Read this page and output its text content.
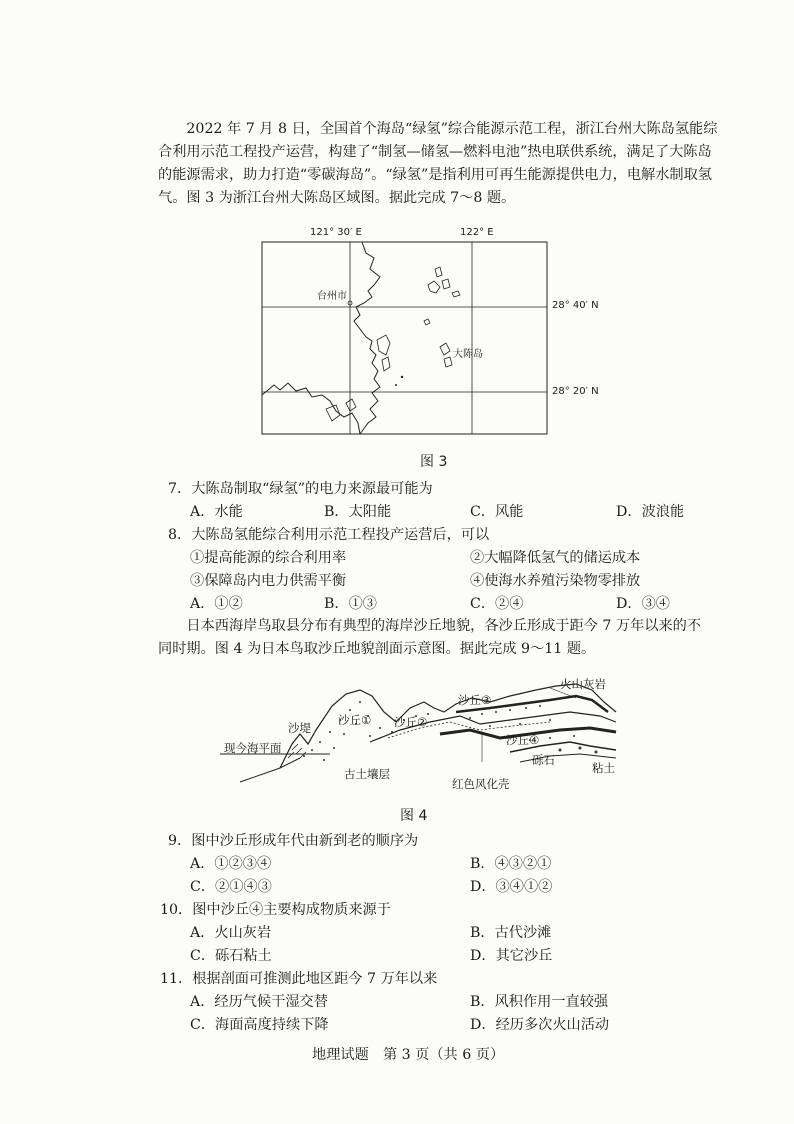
2022 年 7 月 8 日，全国首个海岛“绿氢”综合能源示范工程，浙江台州大陈岛氢能综合利用示范工程投产运营，构建了“制氢—储氢—燃料电池”热电联供系统，满足了大陈岛的能源需求，助力打造“零碳海岛”。“绿氢”是指利用可再生能源提供电力，电解水制取氢气。图 3 为浙江台州大陈岛区域图。据此完成 7～8 题。
121° 30′ E	122° E
28° 40′ N
28° 20′ N
台州市
大陈岛
图 3
7．大陈岛制取“绿氢”的电力来源最可能为
A．水能	B．太阳能	C．风能	D．波浪能
8．大陈岛氢能综合利用示范工程投产运营后，可以
①提高能源的综合利用率	②大幅降低氢气的储运成本
③保障岛内电力供需平衡	④使海水养殖污染物零排放
A．①②	B．①③	C．②④	D．③④
日本西海岸鸟取县分布有典型的海岸沙丘地貌，各沙丘形成于距今 7 万年以来的不同时期。图 4 为日本鸟取沙丘地貌剖面示意图。据此完成 9～11 题。
现今海平面
沙堤
沙丘① 沙丘②
沙丘③
沙丘④
火山灰岩
古土壤层
红色风化壳
砾石
粘土
图 4
9．图中沙丘形成年代由新到老的顺序为
A．①②③④	B．④③②①
C．②①④③	D．③④①②
10．图中沙丘④主要构成物质来源于
A．火山灰岩	B．古代沙滩
C．砾石粘土	D．其它沙丘
11．根据剖面可推测此地区距今 7 万年以来
A．经历气候干湿交替	B．风积作用一直较强
C．海面高度持续下降	D．经历多次火山活动
地理试题　第 3 页（共 6 页）
